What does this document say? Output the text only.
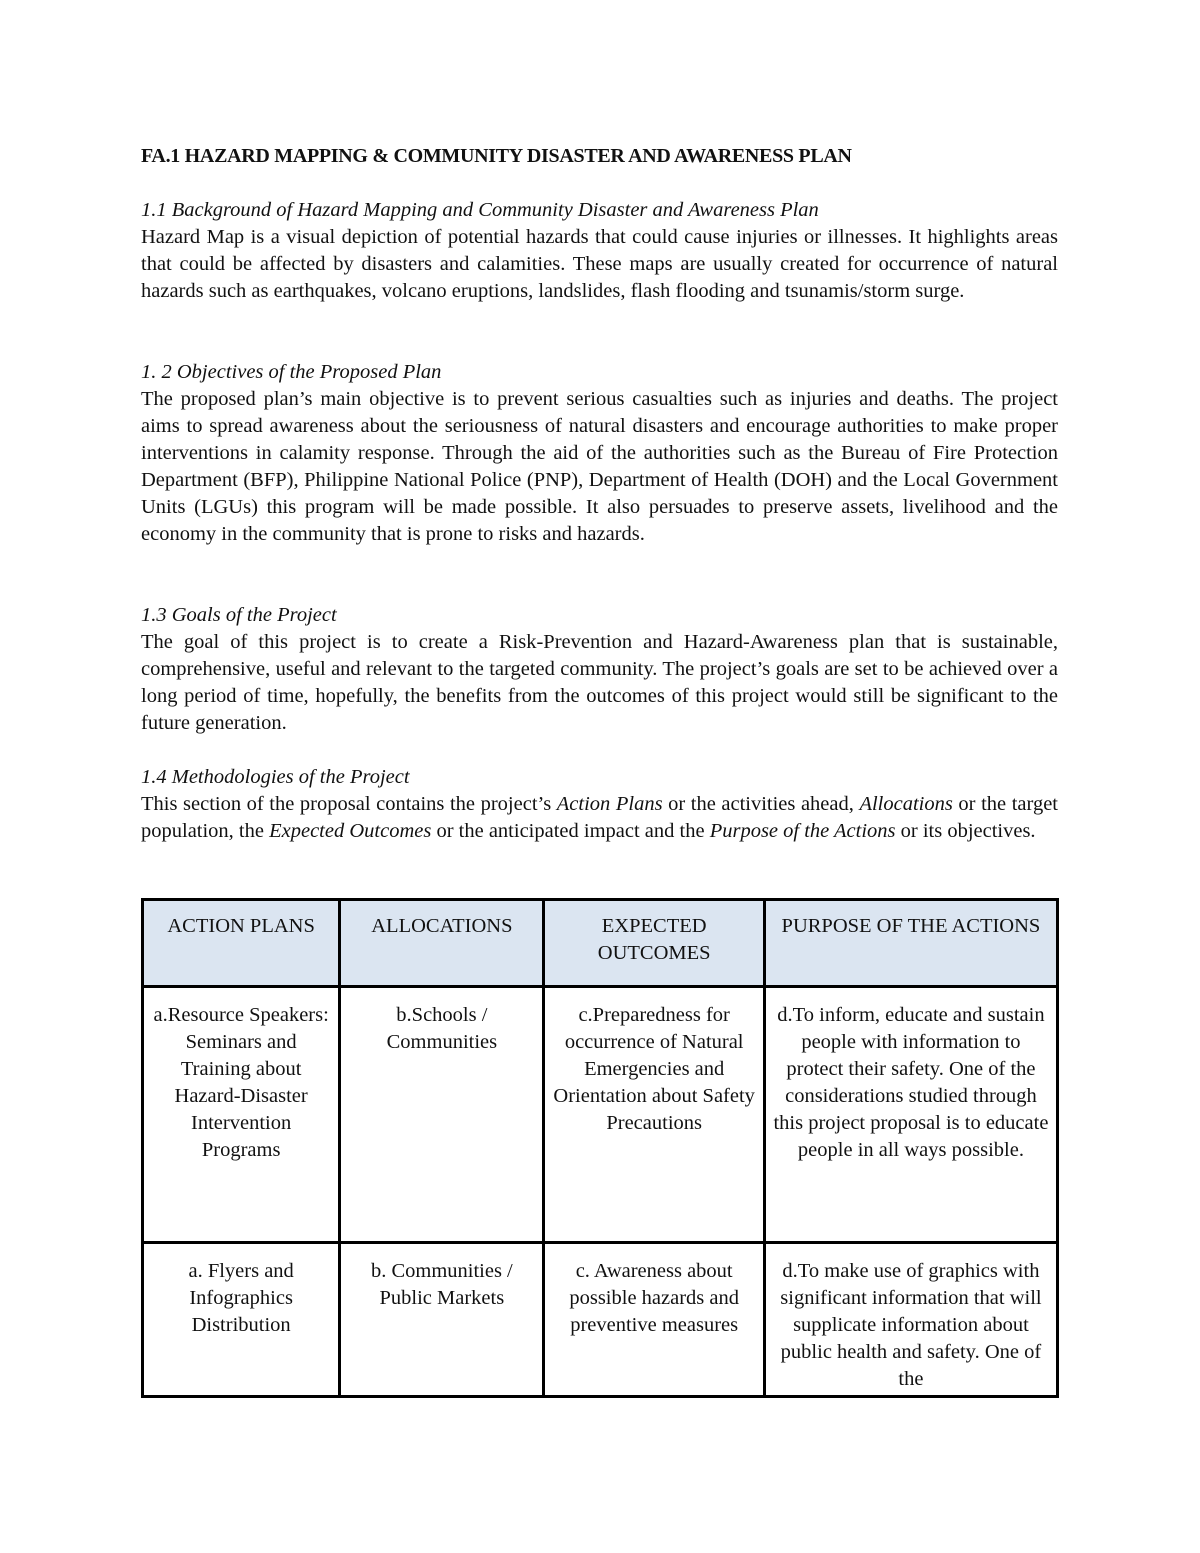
FA.1 HAZARD MAPPING & COMMUNITY DISASTER AND AWARENESS PLAN
1.1 Background of Hazard Mapping and Community Disaster and Awareness Plan
Hazard Map is a visual depiction of potential hazards that could cause injuries or illnesses. It highlights areas that could be affected by disasters and calamities. These maps are usually created for occurrence of natural hazards such as earthquakes, volcano eruptions, landslides, flash flooding and tsunamis/storm surge.
1. 2 Objectives of the Proposed Plan
The proposed plan’s main objective is to prevent serious casualties such as injuries and deaths. The project aims to spread awareness about the seriousness of natural disasters and encourage authorities to make proper interventions in calamity response. Through the aid of the authorities such as the Bureau of Fire Protection Department (BFP), Philippine National Police (PNP), Department of Health (DOH) and the Local Government Units (LGUs) this program will be made possible. It also persuades to preserve assets, livelihood and the economy in the community that is prone to risks and hazards.
1.3 Goals of the Project
The goal of this project is to create a Risk-Prevention and Hazard-Awareness plan that is sustainable, comprehensive, useful and relevant to the targeted community. The project’s goals are set to be achieved over a long period of time, hopefully, the benefits from the outcomes of this project would still be significant to the future generation.
1.4 Methodologies of the Project
This section of the proposal contains the project’s Action Plans or the activities ahead, Allocations or the target population, the Expected Outcomes or the anticipated impact and the Purpose of the Actions or its objectives.
ACTION PLANS	ALLOCATIONS	EXPECTED OUTCOMES	PURPOSE OF THE ACTIONS
a.Resource Speakers: Seminars and Training about Hazard-Disaster Intervention Programs	b.Schools / Communities	c.Preparedness for occurrence of Natural Emergencies and Orientation about Safety Precautions	d.To inform, educate and sustain people with information to protect their safety. One of the considerations studied through this project proposal is to educate people in all ways possible.
a. Flyers and Infographics Distribution	b. Communities / Public Markets	c. Awareness about possible hazards and preventive measures	d.To make use of graphics with significant information that will supplicate information about public health and safety. One of the
